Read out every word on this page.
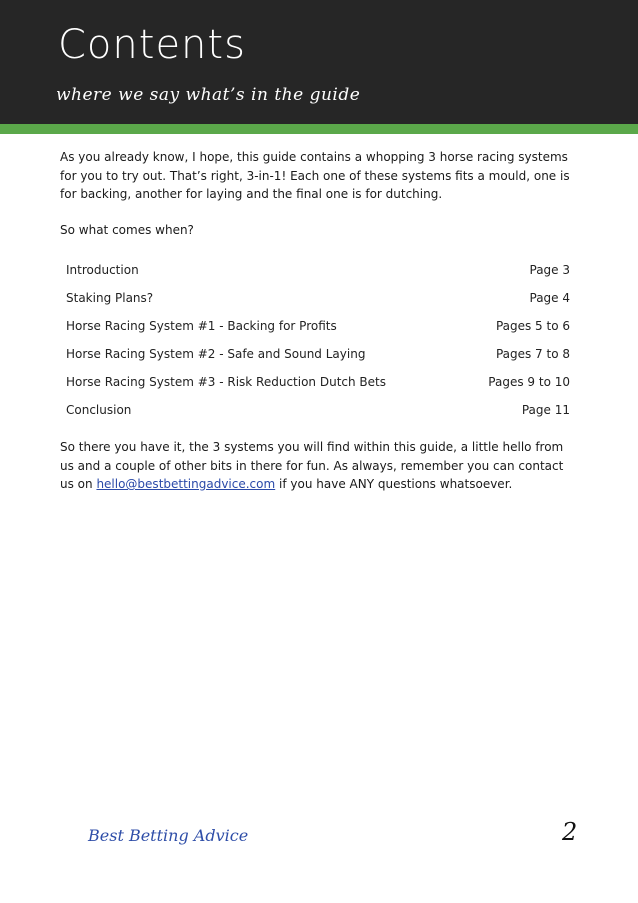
Contents
where we say what’s in the guide

As you already know, I hope, this guide contains a whopping 3 horse racing systems for you to try out. That’s right, 3-in-1! Each one of these systems fits a mould, one is for backing, another for laying and the final one is for dutching.

So what comes when?

Introduction	Page 3
Staking Plans?	Page 4
Horse Racing System #1 - Backing for Profits	Pages 5 to 6
Horse Racing System #2 - Safe and Sound Laying	Pages 7 to 8
Horse Racing System #3 - Risk Reduction Dutch Bets	Pages 9 to 10
Conclusion	Page 11

So there you have it, the 3 systems you will find within this guide, a little hello from us and a couple of other bits in there for fun. As always, remember you can contact us on hello@bestbettingadvice.com if you have ANY questions whatsoever.

Best Betting Advice	2
